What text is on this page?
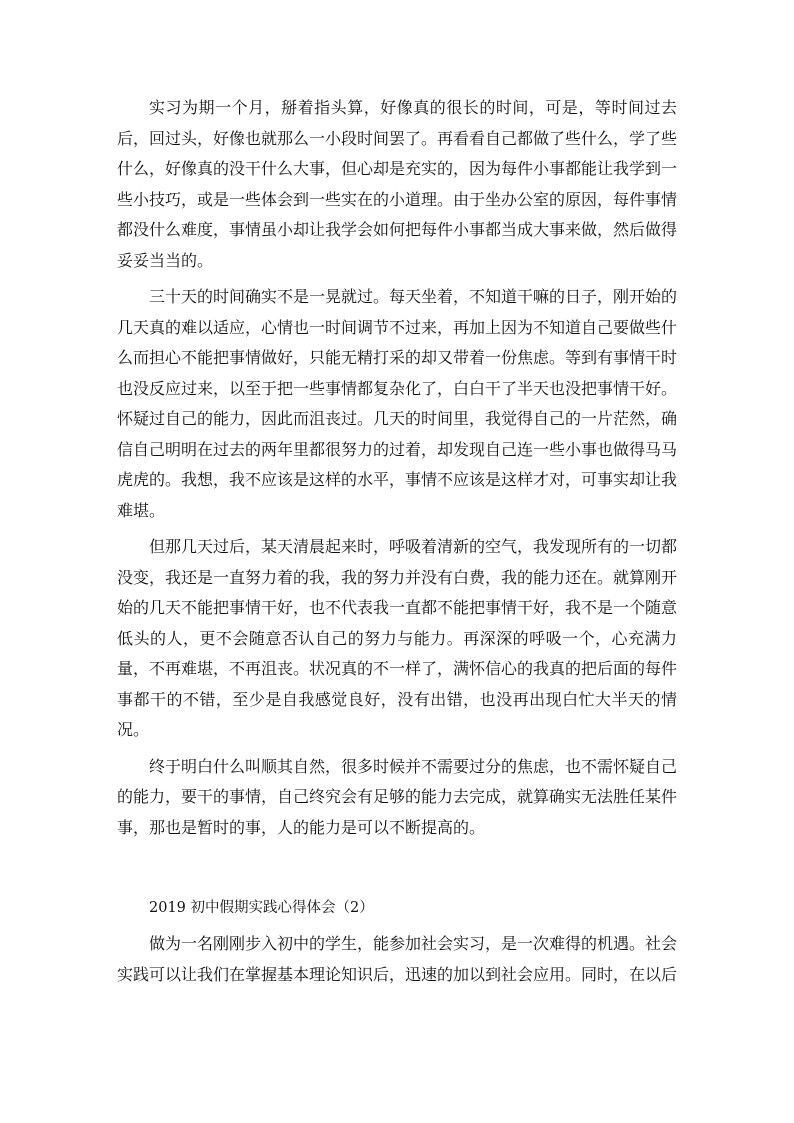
实习为期一个月，掰着指头算，好像真的很长的时间，可是，等时间过去后，回过头，好像也就那么一小段时间罢了。再看看自己都做了些什么，学了些什么，好像真的没干什么大事，但心却是充实的，因为每件小事都能让我学到一些小技巧，或是一些体会到一些实在的小道理。由于坐办公室的原因，每件事情都没什么难度，事情虽小却让我学会如何把每件小事都当成大事来做，然后做得妥妥当当的。

三十天的时间确实不是一晃就过。每天坐着，不知道干嘛的日子，刚开始的几天真的难以适应，心情也一时间调节不过来，再加上因为不知道自己要做些什么而担心不能把事情做好，只能无精打采的却又带着一份焦虑。等到有事情干时也没反应过来，以至于把一些事情都复杂化了，白白干了半天也没把事情干好。怀疑过自己的能力，因此而沮丧过。几天的时间里，我觉得自己的一片茫然，确信自己明明在过去的两年里都很努力的过着，却发现自己连一些小事也做得马马虎虎的。我想，我不应该是这样的水平，事情不应该是这样才对，可事实却让我难堪。

但那几天过后，某天清晨起来时，呼吸着清新的空气，我发现所有的一切都没变，我还是一直努力着的我，我的努力并没有白费，我的能力还在。就算刚开始的几天不能把事情干好，也不代表我一直都不能把事情干好，我不是一个随意低头的人，更不会随意否认自己的努力与能力。再深深的呼吸一个，心充满力量，不再难堪，不再沮丧。状况真的不一样了，满怀信心的我真的把后面的每件事都干的不错，至少是自我感觉良好，没有出错，也没再出现白忙大半天的情况。

终于明白什么叫顺其自然，很多时候并不需要过分的焦虑，也不需怀疑自己的能力，要干的事情，自己终究会有足够的能力去完成，就算确实无法胜任某件事，那也是暂时的事，人的能力是可以不断提高的。

2019 初中假期实践心得体会（2）

做为一名刚刚步入初中的学生，能参加社会实习，是一次难得的机遇。社会实践可以让我们在掌握基本理论知识后，迅速的加以到社会应用。同时，在以后
